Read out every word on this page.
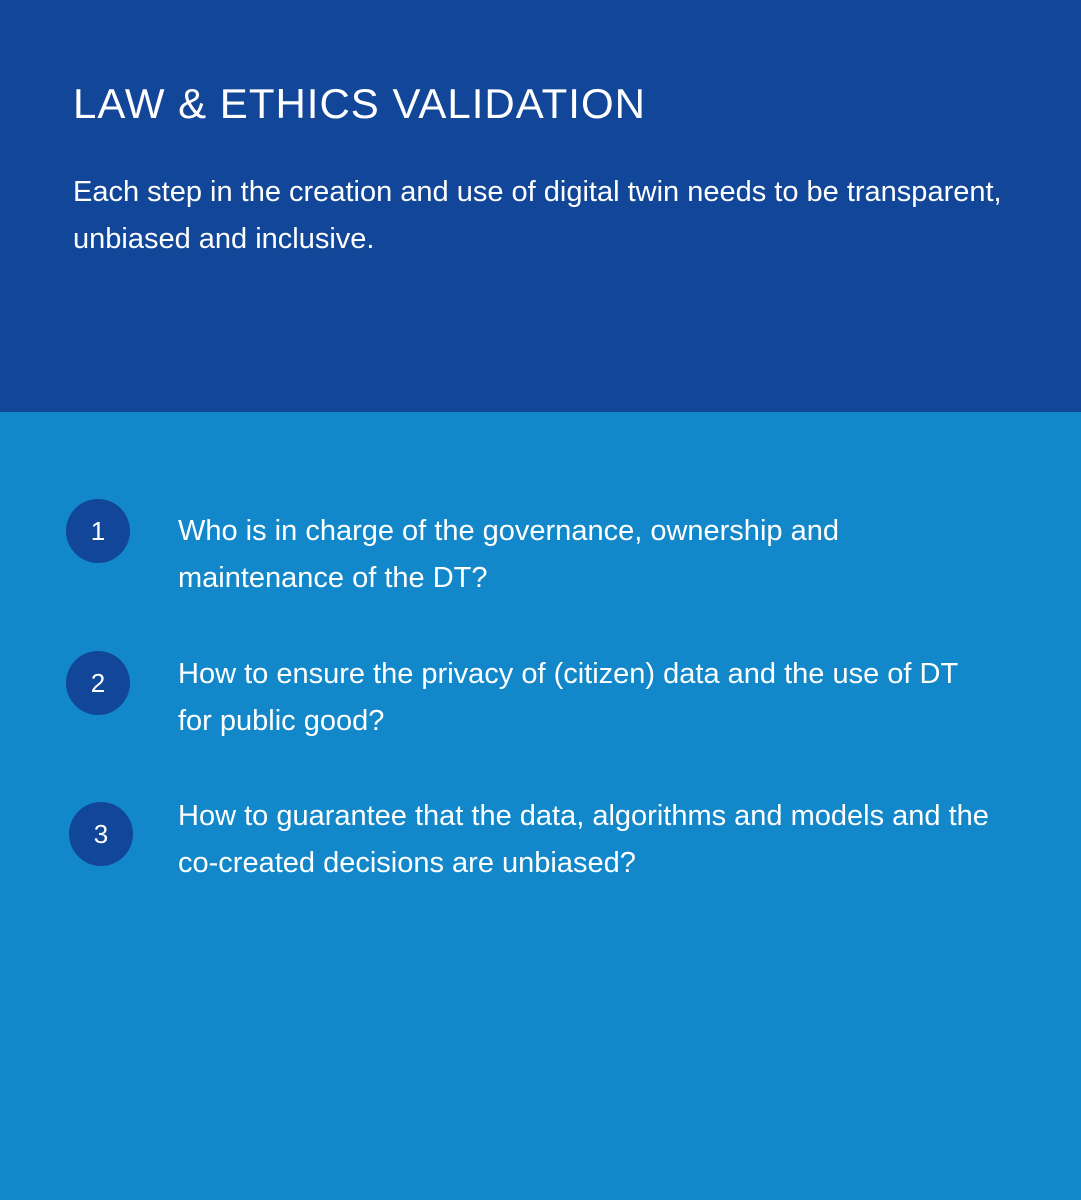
LAW & ETHICS VALIDATION

Each step in the creation and use of digital twin needs to be transparent, unbiased and inclusive.

1	Who is in charge of the governance, ownership and maintenance of the DT?

2	How to ensure the privacy of (citizen) data and the use of DT for public good?

3

How to guarantee that the data, algorithms and models and the co-created decisions are unbiased?
